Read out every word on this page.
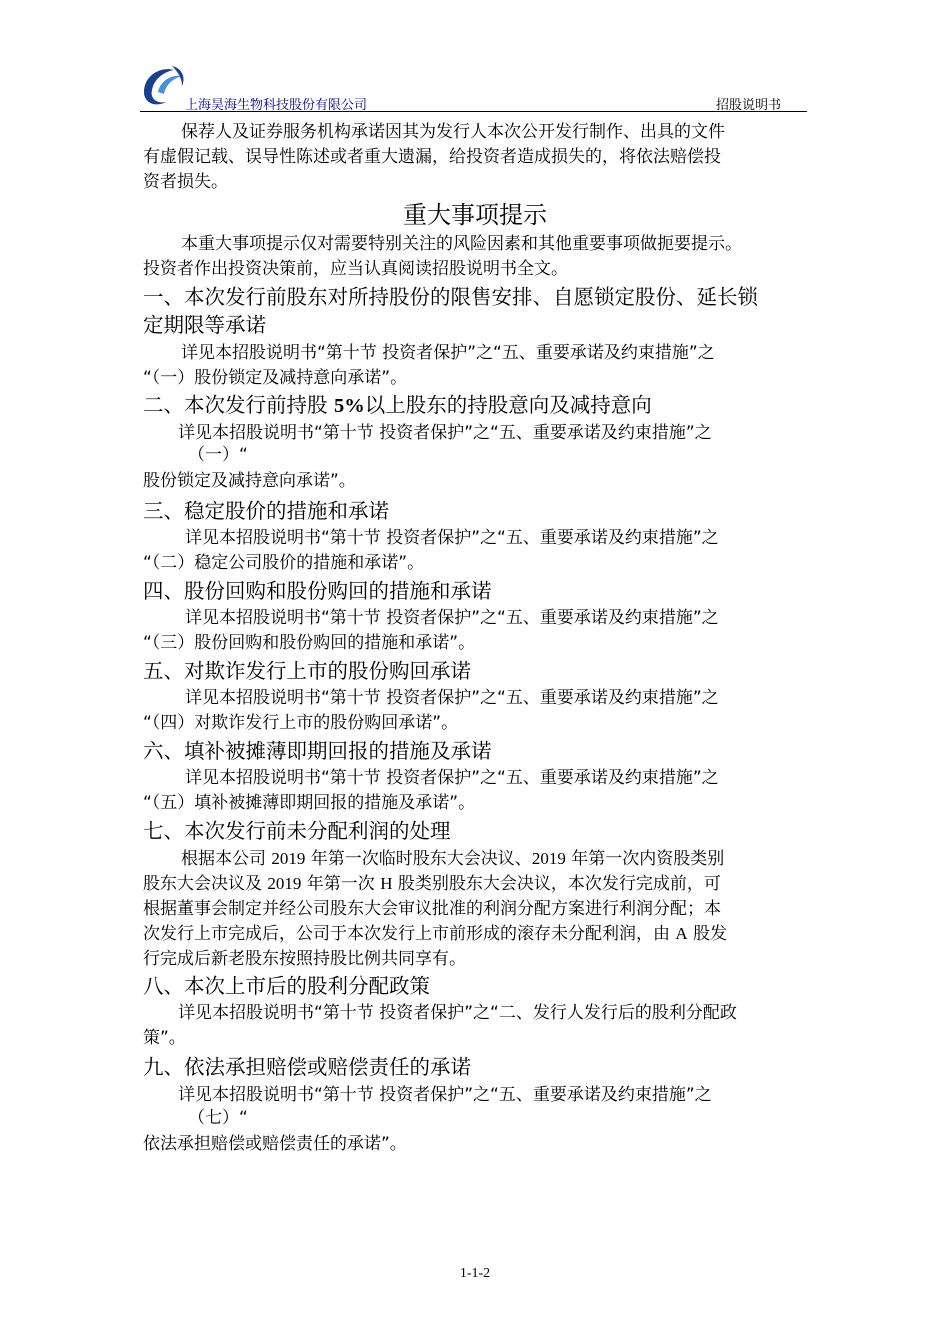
上海昊海生物科技股份有限公司	招股说明书
保荐人及证券服务机构承诺因其为发行人本次公开发行制作、出具的文件
有虚假记载、误导性陈述或者重大遗漏，给投资者造成损失的，将依法赔偿投
资者损失。
重大事项提示
本重大事项提示仅对需要特别关注的风险因素和其他重要事项做扼要提示。
投资者作出投资决策前，应当认真阅读招股说明书全文。
一、本次发行前股东对所持股份的限售安排、自愿锁定股份、延长锁
定期限等承诺
详见本招股说明书“第十节 投资者保护”之“五、重要承诺及约束措施”之
“（一）股份锁定及减持意向承诺”。
二、本次发行前持股 5%以上股东的持股意向及减持意向
详见本招股说明书“第十节 投资者保护”之“五、重要承诺及约束措施”之
（一）“
股份锁定及减持意向承诺”。
三、稳定股价的措施和承诺
详见本招股说明书“第十节 投资者保护”之“五、重要承诺及约束措施”之
“（二）稳定公司股价的措施和承诺”。
四、股份回购和股份购回的措施和承诺
详见本招股说明书“第十节 投资者保护”之“五、重要承诺及约束措施”之
“（三）股份回购和股份购回的措施和承诺”。
五、对欺诈发行上市的股份购回承诺
详见本招股说明书“第十节 投资者保护”之“五、重要承诺及约束措施”之
“（四）对欺诈发行上市的股份购回承诺”。
六、填补被摊薄即期回报的措施及承诺
详见本招股说明书“第十节 投资者保护”之“五、重要承诺及约束措施”之
“（五）填补被摊薄即期回报的措施及承诺”。
七、本次发行前未分配利润的处理
根据本公司 2019 年第一次临时股东大会决议、2019 年第一次内资股类别
股东大会决议及 2019 年第一次 H 股类别股东大会决议，本次发行完成前，可
根据董事会制定并经公司股东大会审议批准的利润分配方案进行利润分配；本
次发行上市完成后，公司于本次发行上市前形成的滚存未分配利润，由 A 股发
行完成后新老股东按照持股比例共同享有。
八、本次上市后的股利分配政策
详见本招股说明书“第十节 投资者保护”之“二、发行人发行后的股利分配政
策”。
九、依法承担赔偿或赔偿责任的承诺
详见本招股说明书“第十节 投资者保护”之“五、重要承诺及约束措施”之
（七）“
依法承担赔偿或赔偿责任的承诺”。
1-1-2
